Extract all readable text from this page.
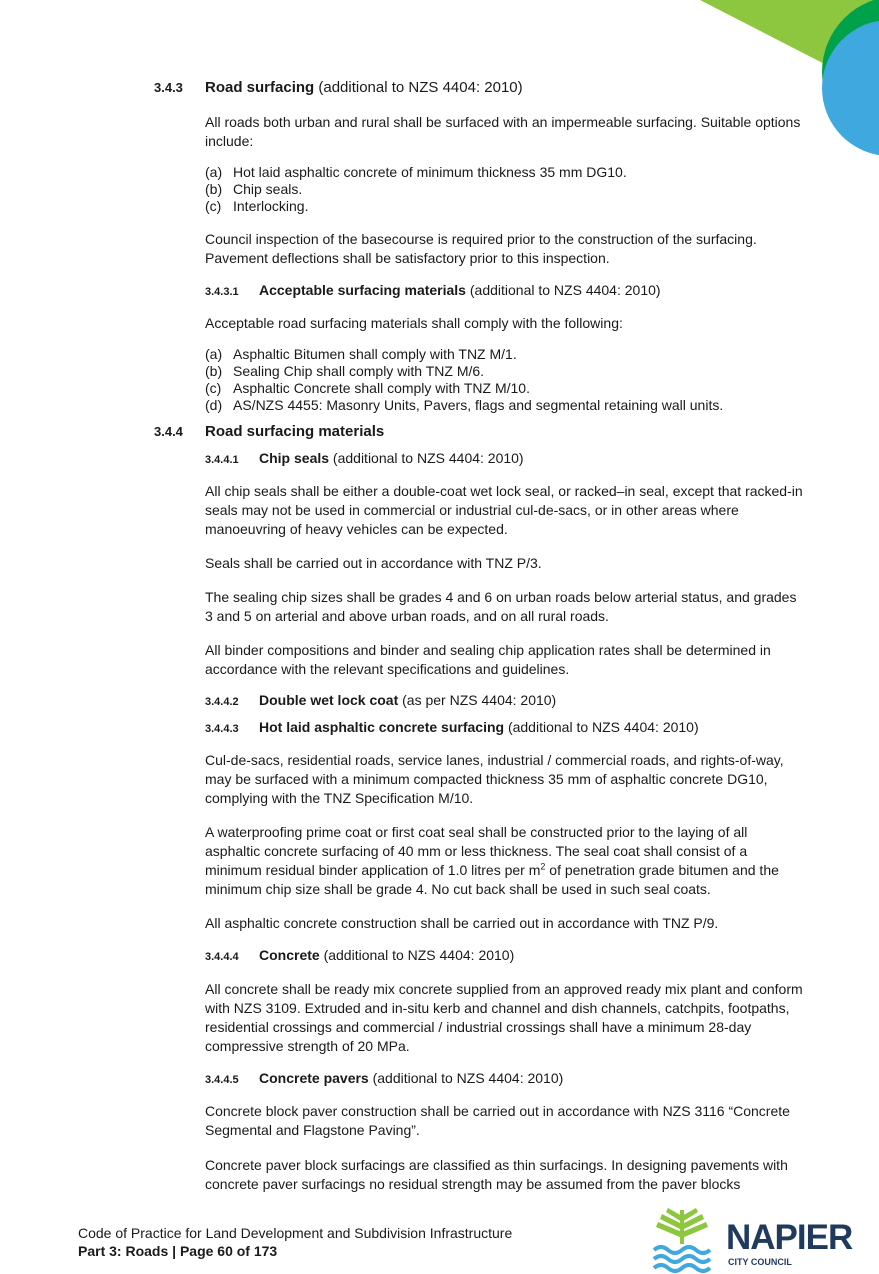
3.4.3 Road surfacing (additional to NZS 4404: 2010)
All roads both urban and rural shall be surfaced with an impermeable surfacing. Suitable options include:
(a) Hot laid asphaltic concrete of minimum thickness 35 mm DG10.
(b) Chip seals.
(c) Interlocking.
Council inspection of the basecourse is required prior to the construction of the surfacing. Pavement deflections shall be satisfactory prior to this inspection.
3.4.3.1 Acceptable surfacing materials (additional to NZS 4404: 2010)
Acceptable road surfacing materials shall comply with the following:
(a) Asphaltic Bitumen shall comply with TNZ M/1.
(b) Sealing Chip shall comply with TNZ M/6.
(c) Asphaltic Concrete shall comply with TNZ M/10.
(d) AS/NZS 4455: Masonry Units, Pavers, flags and segmental retaining wall units.
3.4.4 Road surfacing materials
3.4.4.1 Chip seals (additional to NZS 4404: 2010)
All chip seals shall be either a double-coat wet lock seal, or racked–in seal, except that racked-in seals may not be used in commercial or industrial cul-de-sacs, or in other areas where manoeuvring of heavy vehicles can be expected.
Seals shall be carried out in accordance with TNZ P/3.
The sealing chip sizes shall be grades 4 and 6 on urban roads below arterial status, and grades 3 and 5 on arterial and above urban roads, and on all rural roads.
All binder compositions and binder and sealing chip application rates shall be determined in accordance with the relevant specifications and guidelines.
3.4.4.2 Double wet lock coat (as per NZS 4404: 2010)
3.4.4.3 Hot laid asphaltic concrete surfacing (additional to NZS 4404: 2010)
Cul-de-sacs, residential roads, service lanes, industrial / commercial roads, and rights-of-way, may be surfaced with a minimum compacted thickness 35 mm of asphaltic concrete DG10, complying with the TNZ Specification M/10.
A waterproofing prime coat or first coat seal shall be constructed prior to the laying of all asphaltic concrete surfacing of 40 mm or less thickness. The seal coat shall consist of a minimum residual binder application of 1.0 litres per $m^2$ of penetration grade bitumen and the minimum chip size shall be grade 4. No cut back shall be used in such seal coats.
All asphaltic concrete construction shall be carried out in accordance with TNZ P/9.
3.4.4.4 Concrete (additional to NZS 4404: 2010)
All concrete shall be ready mix concrete supplied from an approved ready mix plant and conform with NZS 3109. Extruded and in-situ kerb and channel and dish channels, catchpits, footpaths, residential crossings and commercial / industrial crossings shall have a minimum 28-day compressive strength of 20 MPa.
3.4.4.5 Concrete pavers (additional to NZS 4404: 2010)
Concrete block paver construction shall be carried out in accordance with NZS 3116 “Concrete Segmental and Flagstone Paving”.
Concrete paver block surfacings are classified as thin surfacings. In designing pavements with concrete paver surfacings no residual strength may be assumed from the paver blocks
Code of Practice for Land Development and Subdivision Infrastructure
Part 3: Roads | Page 60 of 173	NAPIER
CITY COUNCIL
